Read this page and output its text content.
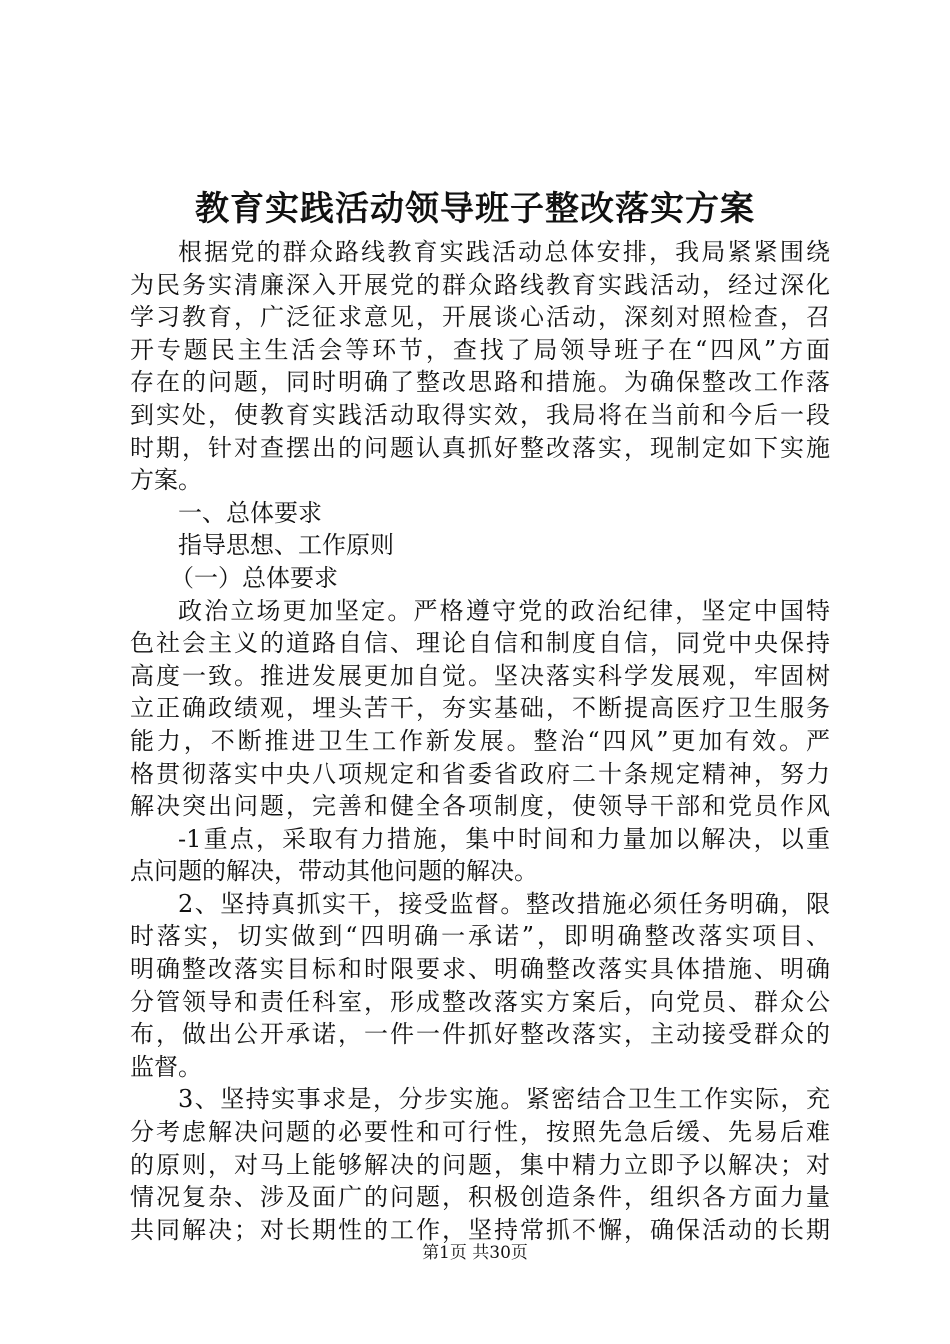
教育实践活动领导班子整改落实方案
根据党的群众路线教育实践活动总体安排，我局紧紧围绕
为民务实清廉深入开展党的群众路线教育实践活动，经过深化
学习教育，广泛征求意见，开展谈心活动，深刻对照检查，召
开专题民主生活会等环节，查找了局领导班子在“四风”方面
存在的问题，同时明确了整改思路和措施。为确保整改工作落
到实处，使教育实践活动取得实效，我局将在当前和今后一段
时期，针对查摆出的问题认真抓好整改落实，现制定如下实施
方案。
一、总体要求
指导思想、工作原则
（一）总体要求
政治立场更加坚定。严格遵守党的政治纪律，坚定中国特
色社会主义的道路自信、理论自信和制度自信，同党中央保持
高度一致。推进发展更加自觉。坚决落实科学发展观，牢固树
立正确政绩观，埋头苦干，夯实基础，不断提高医疗卫生服务
能力，不断推进卫生工作新发展。整治“四风”更加有效。严
格贯彻落实中央八项规定和省委省政府二十条规定精神，努力
解决突出问题，完善和健全各项制度，使领导干部和党员作风
-1重点，采取有力措施，集中时间和力量加以解决，以重
点问题的解决，带动其他问题的解决。
2、坚持真抓实干，接受监督。整改措施必须任务明确，限
时落实，切实做到“四明确一承诺”，即明确整改落实项目、
明确整改落实目标和时限要求、明确整改落实具体措施、明确
分管领导和责任科室，形成整改落实方案后，向党员、群众公
布，做出公开承诺，一件一件抓好整改落实，主动接受群众的
监督。
3、坚持实事求是，分步实施。紧密结合卫生工作实际，充
分考虑解决问题的必要性和可行性，按照先急后缓、先易后难
的原则，对马上能够解决的问题，集中精力立即予以解决；对
情况复杂、涉及面广的问题，积极创造条件，组织各方面力量
共同解决；对长期性的工作，坚持常抓不懈，确保活动的长期
第1页 共30页
